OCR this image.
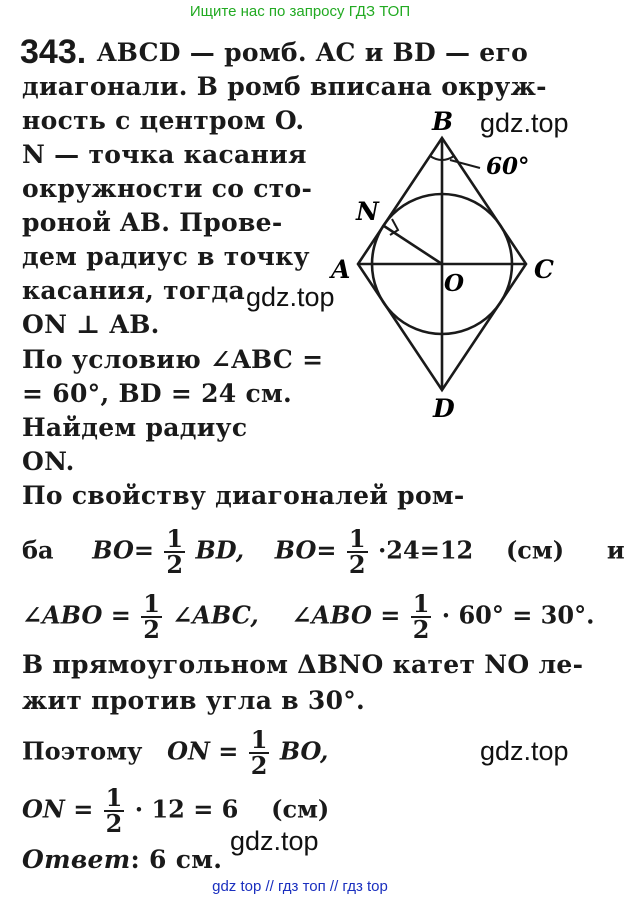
Ищите нас по запросу ГДЗ ТОП
343. ABCD — ромб. AC и BD — его
диагонали. В ромб вписана окруж-
ность с центром O.
N — точка касания
окружности со сто-
роной AB. Прове-
дем радиус в точку
касания, тогда
ON ⊥ AB.
По условию ∠ABC =
= 60°, BD = 24 см.
Найдем радиус
ON.
По свойству диагоналей ром-
B
A	C
D
O
N
60°
ба $BO= \frac{1}{2}$ BD, $BO= \frac{1}{2} \cdot 24=12$ (см) и
∠ABO = $\frac{1}{2}$ ∠ABC, ∠ABO = $\frac{1}{2} \cdot 60^\circ = 30^\circ$.
В прямоугольном ΔBNO катет NO ле-
жит против угла в 30°.
Поэтому ON = $\frac{1}{2}$ BO,
ON = $\frac{1}{2} \cdot 12 = 6$ (см)
Ответ: 6 см.
gdz.top
gdz.top
gdz.top
gdz.top
gdz top // гдз топ // гдз top
